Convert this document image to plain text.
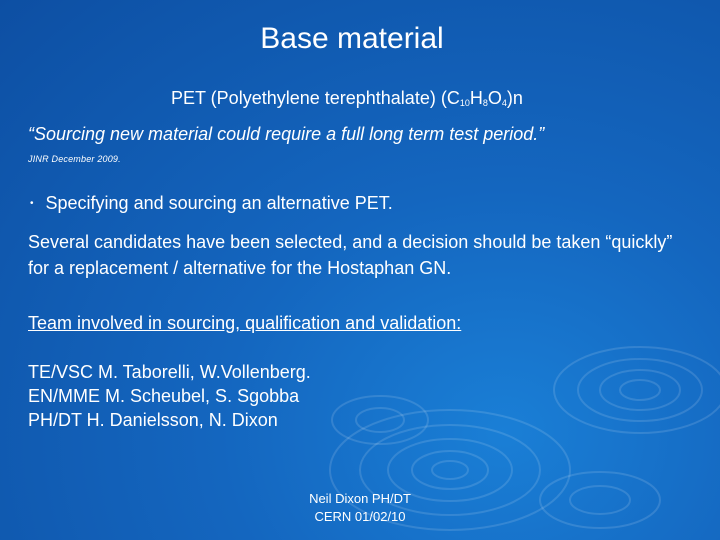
Base material
PET (Polyethylene terephthalate) $(C_{10}H_8O_4)n$
“Sourcing new material could require a full long term test period.”
JINR December 2009.
• Specifying and sourcing an alternative PET.
Several candidates have been selected, and a decision should be taken “quickly” for a replacement / alternative for the Hostaphan GN.
Team involved in sourcing, qualification and validation:
TE/VSC M. Taborelli, W.Vollenberg.
EN/MME M. Scheubel, S. Sgobba
PH/DT H. Danielsson, N. Dixon
Neil Dixon PH/DT
CERN 01/02/10
